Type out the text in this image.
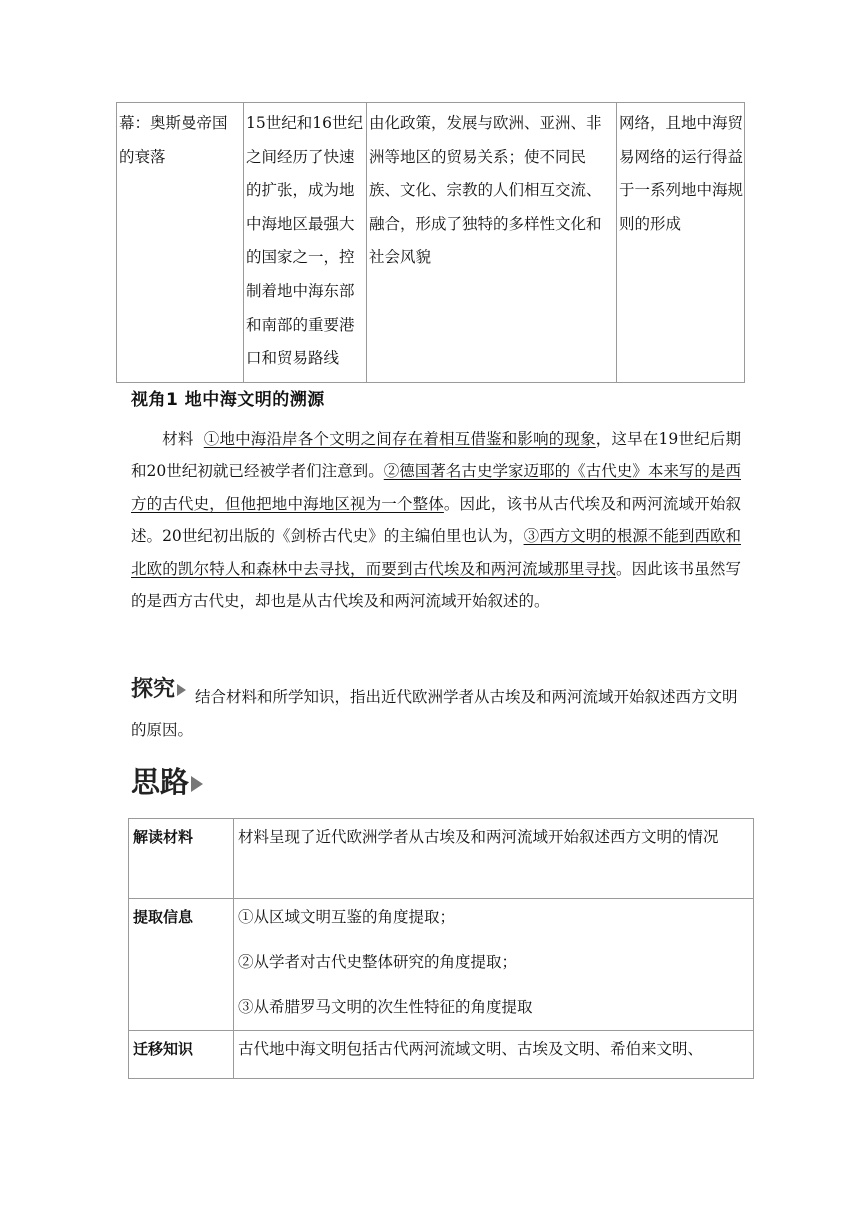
幕：奥斯曼帝国的衰落	15世纪和16世纪之间经历了快速的扩张，成为地中海地区最强大的国家之一，控制着地中海东部和南部的重要港口和贸易路线	由化政策，发展与欧洲、亚洲、非洲等地区的贸易关系；使不同民族、文化、宗教的人们相互交流、融合，形成了独特的多样性文化和社会风貌	网络，且地中海贸易网络的运行得益于一系列地中海规则的形成
视角1 地中海文明的溯源
材料 ①地中海沿岸各个文明之间存在着相互借鉴和影响的现象，这早在19世纪后期和20世纪初就已经被学者们注意到。②德国著名古史学家迈耶的《古代史》本来写的是西方的古代史，但他把地中海地区视为一个整体。因此，该书从古代埃及和两河流域开始叙述。20世纪初出版的《剑桥古代史》的主编伯里也认为，③西方文明的根源不能到西欧和北欧的凯尔特人和森林中去寻找，而要到古代埃及和两河流域那里寻找。因此该书虽然写的是西方古代史，却也是从古代埃及和两河流域开始叙述的。
探究	结合材料和所学知识，指出近代欧洲学者从古埃及和两河流域开始叙述西方文明的原因。
思路
解读材料	材料呈现了近代欧洲学者从古埃及和两河流域开始叙述西方文明的情况

提取信息	①从区域文明互鉴的角度提取；
②从学者对古代史整体研究的角度提取；
③从希腊罗马文明的次生性特征的角度提取

迁移知识	古代地中海文明包括古代两河流域文明、古埃及文明、希伯来文明、
